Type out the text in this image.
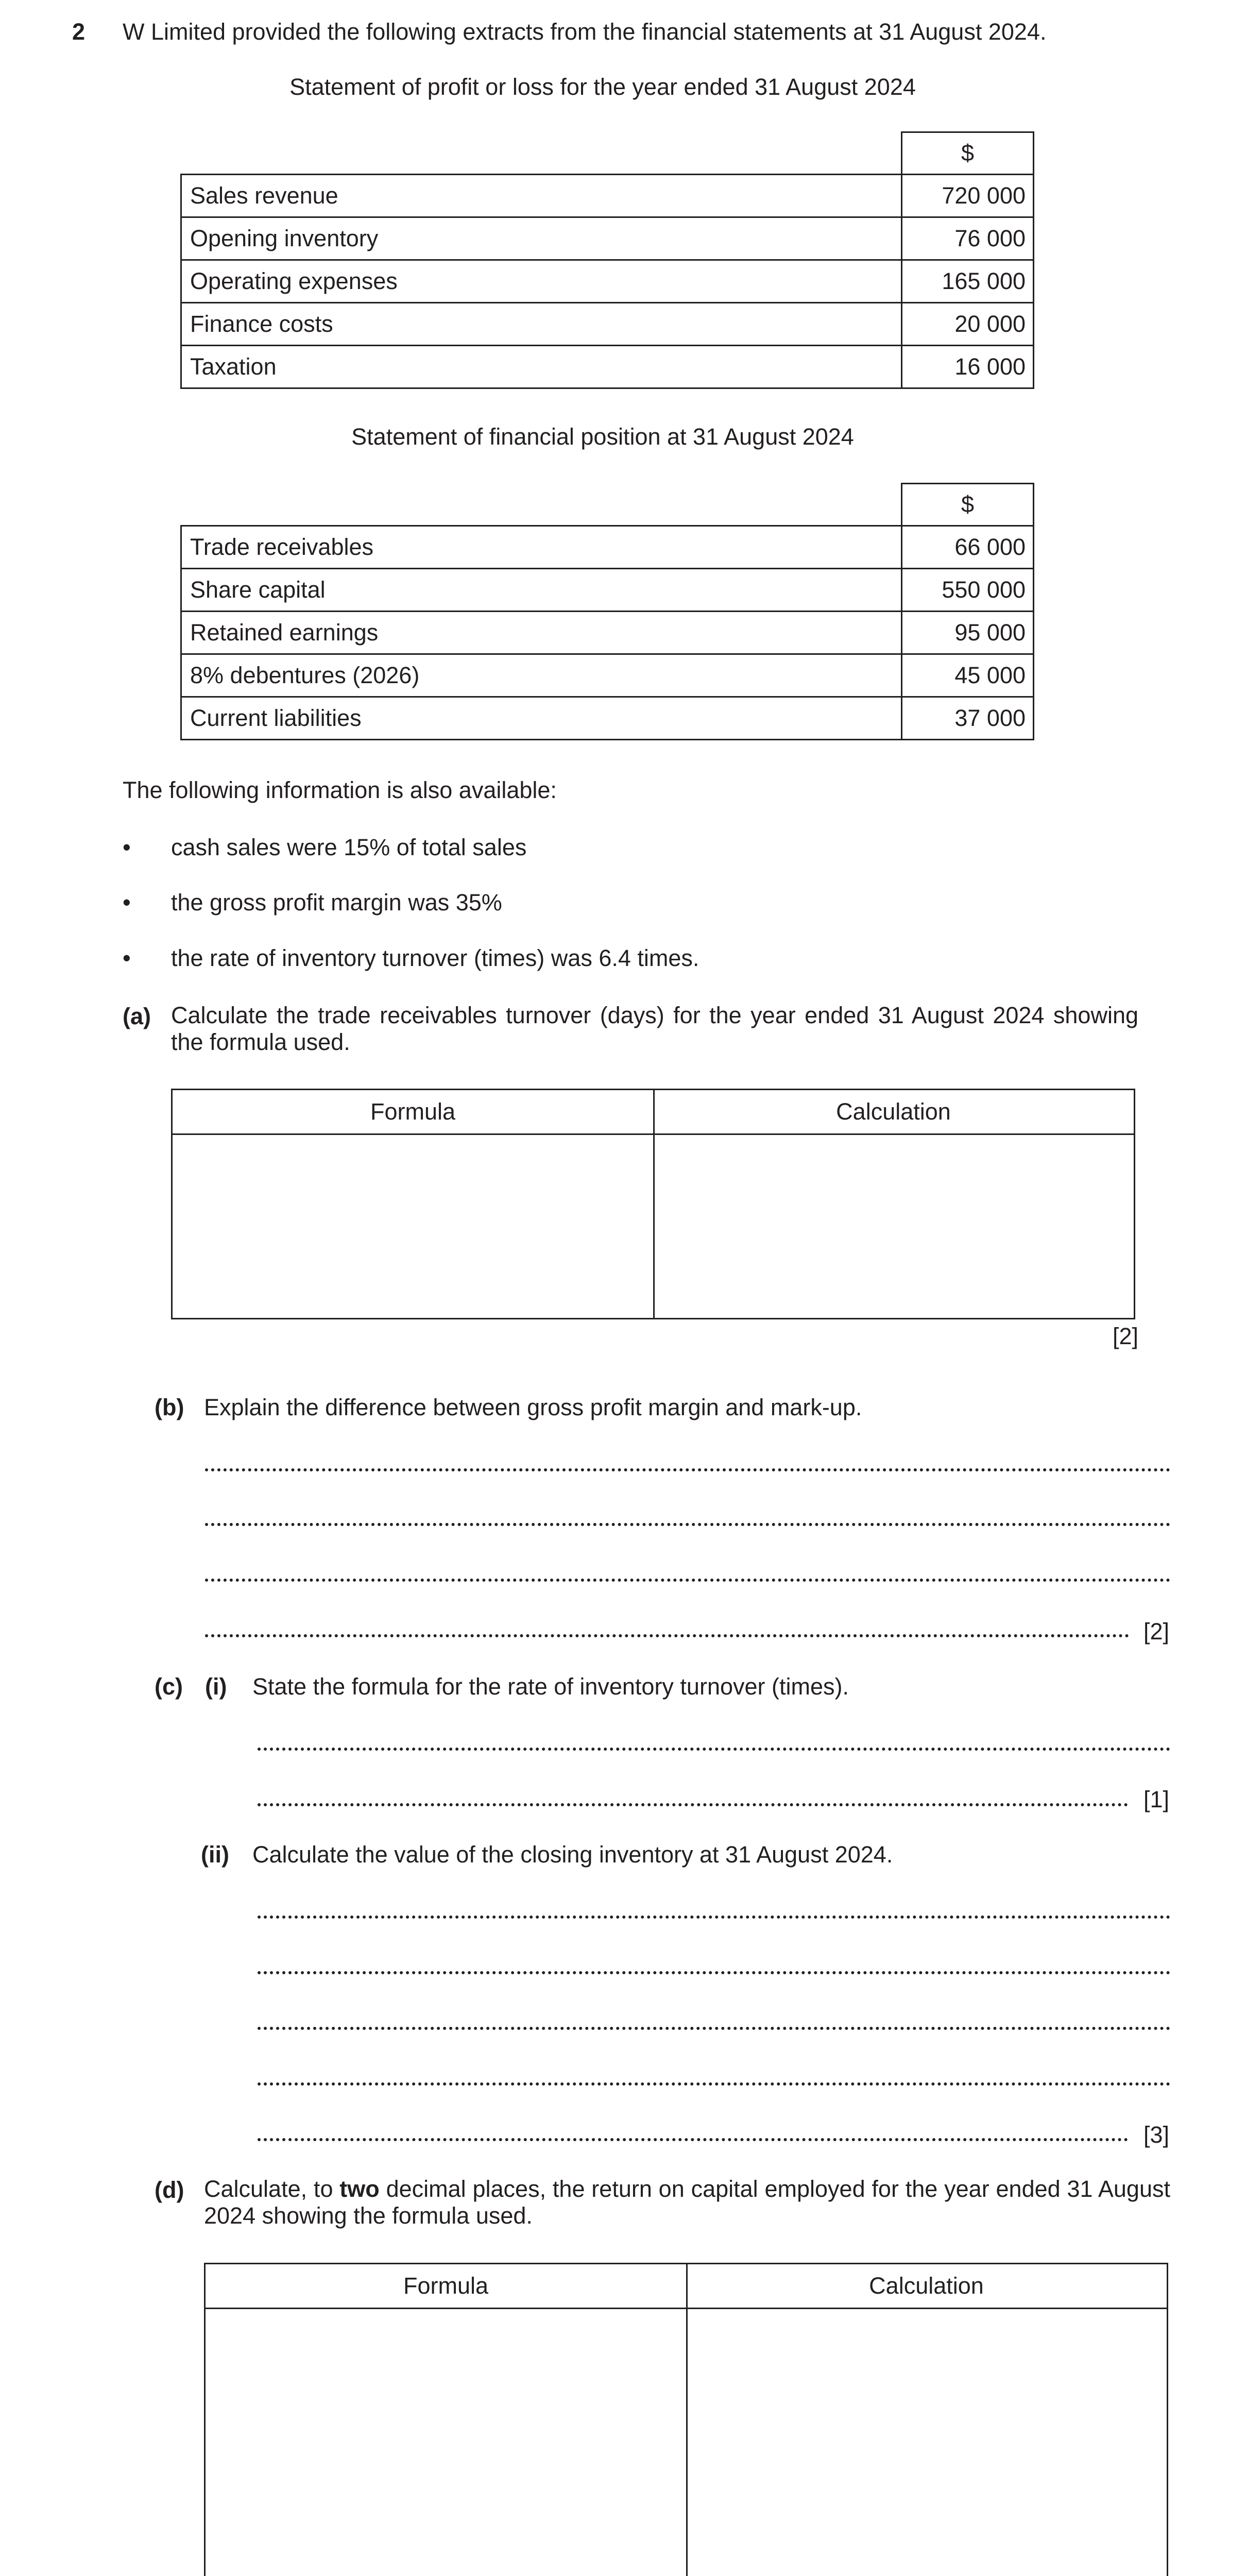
2 W Limited provided the following extracts from the financial statements at 31 August 2024.
Statement of profit or loss for the year ended 31 August 2024
	$
Sales revenue	720 000
Opening inventory	76 000
Operating expenses	165 000
Finance costs	20 000
Taxation	16 000
Statement of financial position at 31 August 2024
	$
Trade receivables	66 000
Share capital	550 000
Retained earnings	95 000
8% debentures (2026)	45 000
Current liabilities	37 000
The following information is also available:
• cash sales were 15% of total sales
• the gross profit margin was 35%
• the rate of inventory turnover (times) was 6.4 times.
(a) Calculate the trade receivables turnover (days) for the year ended 31 August 2024 showing the formula used.
Formula	Calculation
[2]
(b) Explain the difference between gross profit margin and mark-up.
[2]
(c) (i) State the formula for the rate of inventory turnover (times).
[1]
(ii) Calculate the value of the closing inventory at 31 August 2024.
[3]
(d) Calculate, to two decimal places, the return on capital employed for the year ended 31 August 2024 showing the formula used.
Formula	Calculation
